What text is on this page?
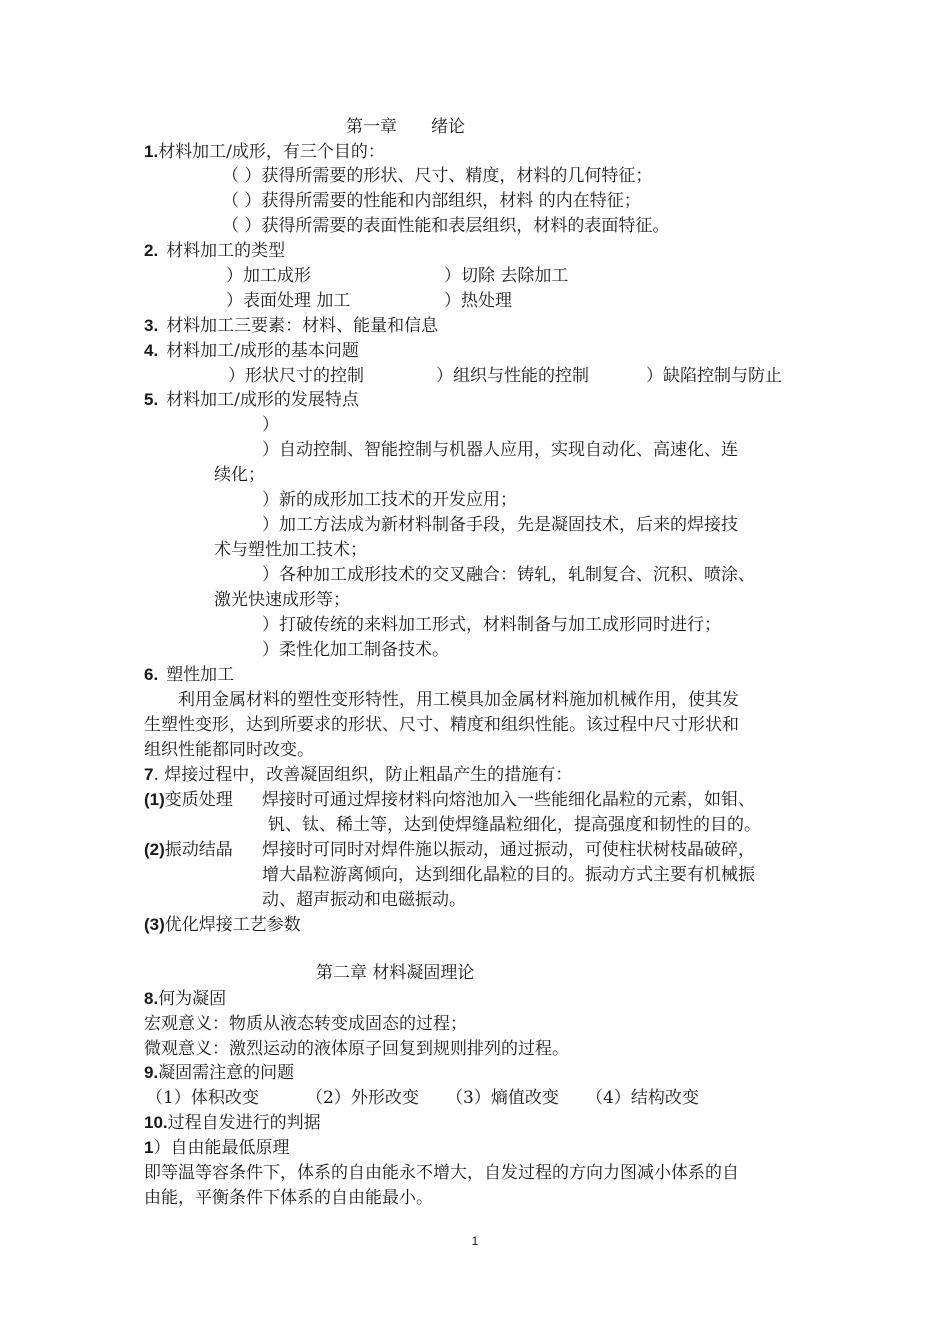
第一章　　绪论
1.材料加工/成形，有三个目的：
（ ）获得所需要的形状、尺寸、精度，材料的几何特征；
（ ）获得所需要的性能和内部组织，材料 的内在特征；
（ ）获得所需要的表面性能和表层组织，材料的表面特征。
2. 材料加工的类型
）加工成形	）切除 去除加工
）表面处理 加工	）热处理
3. 材料加工三要素：材料、能量和信息
4. 材料加工/成形的基本问题
）形状尺寸的控制	）组织与性能的控制	）缺陷控制与防止
5. 材料加工/成形的发展特点
）
）自动控制、智能控制与机器人应用，实现自动化、高速化、连
续化；
）新的成形加工技术的开发应用；
）加工方法成为新材料制备手段，先是凝固技术，后来的焊接技
术与塑性加工技术；
）各种加工成形技术的交叉融合：铸轧，轧制复合、沉积、喷涂、
激光快速成形等；
）打破传统的来料加工形式，材料制备与加工成形同时进行；
）柔性化加工制备技术。
6. 塑性加工
利用金属材料的塑性变形特性，用工模具加金属材料施加机械作用，使其发
生塑性变形，达到所要求的形状、尺寸、精度和组织性能。该过程中尺寸形状和
组织性能都同时改变。
7. 焊接过程中，改善凝固组织，防止粗晶产生的措施有：
(1)变质处理 焊接时可通过焊接材料向熔池加入一些能细化晶粒的元素，如钼、
钒、钛、稀土等，达到使焊缝晶粒细化，提高强度和韧性的目的。
(2)振动结晶 焊接时可同时对焊件施以振动，通过振动，可使柱状树枝晶破碎，
增大晶粒游离倾向，达到细化晶粒的目的。振动方式主要有机械振
动、超声振动和电磁振动。
(3)优化焊接工艺参数
第二章 材料凝固理论
8.何为凝固
宏观意义：物质从液态转变成固态的过程；
微观意义：激烈运动的液体原子回复到规则排列的过程。
9.凝固需注意的问题
（1）体积改变	（2）外形改变 （3）熵值改变 （4）结构改变
10.过程自发进行的判据
1）自由能最低原理
即等温等容条件下，体系的自由能永不增大，自发过程的方向力图减小体系的自
由能，平衡条件下体系的自由能最小。
1
